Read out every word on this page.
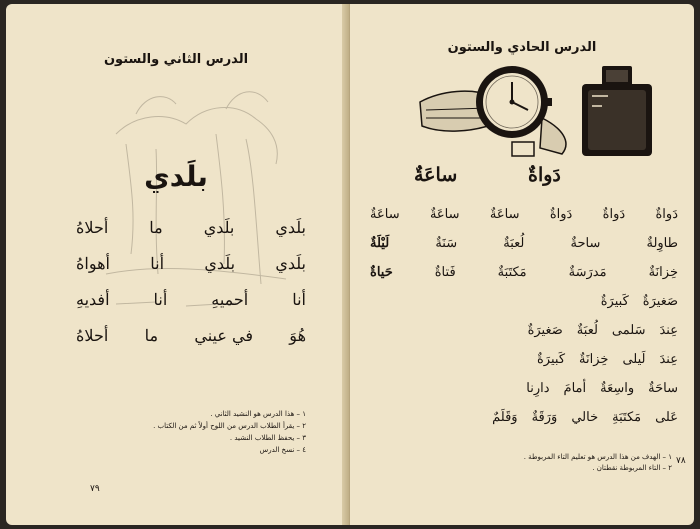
الدرس الثاني والستون
بلَدي
بلَدي
بلَدي
ما
أحلاهُ
بلَدي
بلَدي
أنا
أهواهُ
أنا
أحميهِ
أنا
أفديهِ
هُوَ
في عيني
ما
أحلاهُ
١ – هذا الدرس هو النشيد الثاني .
٢ – يقرأ الطلاب الدرس من اللوح أولاً ثم من الكتاب .
٣ – يحفظ الطلاب النشيد .
٤ – نسخ الدرس
٧٩
الدرس الحادي والستون
دَواةٌ
ساعَةٌ
دَواةٌ
دَواةٌ
دَواةٌ
ساعَةٌ
ساعَةٌ
ساعَةٌ
طاوِلةٌ
ساحةٌ
لُعبَةٌ
سَنَةٌ
لَيْلَةٌ
خِزانَةٌ
مَدرَسَةٌ
مَكتَبَةٌ
فَتاةٌ
حَياةٌ
صَغيرَةٌ
كَبيرَةٌ
عِندَ
سَلمى
لُعبَةٌ
صَغيرَةٌ
عِندَ
لَيلى
خِزانَةٌ
كَبيرَةٌ
ساحَةٌ
واسِعَةٌ
أمامَ
دارِنا
عَلى
مَكتَبَةِ
خالي
وَرَقَةٌ
وَقَلَمٌ
١ – الهدف من هذا الدرس هو تعليم التاء المربوطة .
٢ – التاء المربوطة نقطتان .
٧٨
